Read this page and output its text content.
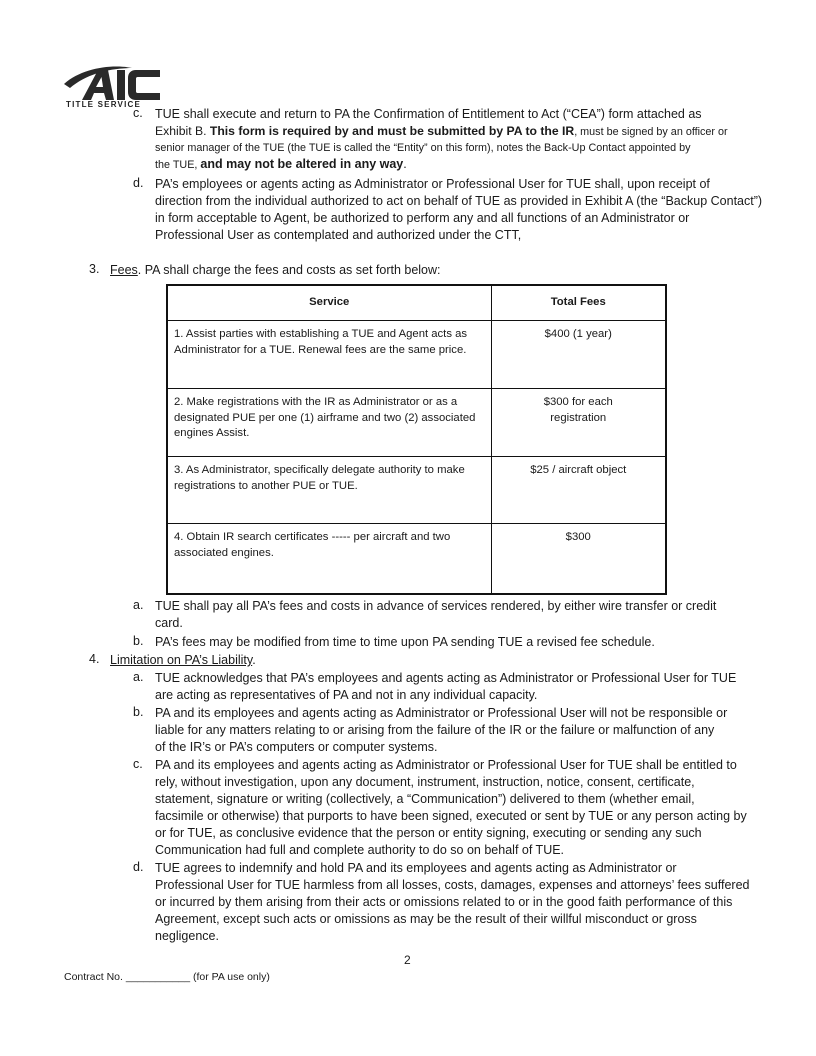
TITLE SERVICE
c. TUE shall execute and return to PA the Confirmation of Entitlement to Act (“CEA”) form attached as
Exhibit B. This form is required by and must be submitted by PA to the IR, must be signed by an officer or
senior manager of the TUE (the TUE is called the “Entity” on this form), notes the Back-Up Contact appointed by
the TUE, and may not be altered in any way.
d. PA’s employees or agents acting as Administrator or Professional User for TUE shall, upon receipt of
direction from the individual authorized to act on behalf of TUE as provided in Exhibit A (the “Backup Contact”)
in form acceptable to Agent, be authorized to perform any and all functions of an Administrator or
Professional User as contemplated and authorized under the CTT,
3. Fees. PA shall charge the fees and costs as set forth below:
Service	Total Fees
1. Assist parties with establishing a TUE and Agent acts as Administrator for a TUE. Renewal fees are the same price.	$400 (1 year)
2. Make registrations with the IR as Administrator or as a designated PUE per one (1) airframe and two (2) associated engines Assist.	$300 for each registration
3. As Administrator, specifically delegate authority to make registrations to another PUE or TUE.	$25 / aircraft object
4. Obtain IR search certificates ----- per aircraft and two associated engines.	$300
a. TUE shall pay all PA’s fees and costs in advance of services rendered, by either wire transfer or credit
card.
b. PA’s fees may be modified from time to time upon PA sending TUE a revised fee schedule.
4. Limitation on PA’s Liability.
a. TUE acknowledges that PA’s employees and agents acting as Administrator or Professional User for TUE
are acting as representatives of PA and not in any individual capacity.
b. PA and its employees and agents acting as Administrator or Professional User will not be responsible or
liable for any matters relating to or arising from the failure of the IR or the failure or malfunction of any
of the IR’s or PA’s computers or computer systems.
c. PA and its employees and agents acting as Administrator or Professional User for TUE shall be entitled to
rely, without investigation, upon any document, instrument, instruction, notice, consent, certificate,
statement, signature or writing (collectively, a “Communication”) delivered to them (whether email,
facsimile or otherwise) that purports to have been signed, executed or sent by TUE or any person acting by
or for TUE, as conclusive evidence that the person or entity signing, executing or sending any such
Communication had full and complete authority to do so on behalf of TUE.
d. TUE agrees to indemnify and hold PA and its employees and agents acting as Administrator or
Professional User for TUE harmless from all losses, costs, damages, expenses and attorneys’ fees suffered
or incurred by them arising from their acts or omissions related to or in the good faith performance of this
Agreement, except such acts or omissions as may be the result of their willful misconduct or gross
negligence.
2
Contract No. ___________ (for PA use only)
